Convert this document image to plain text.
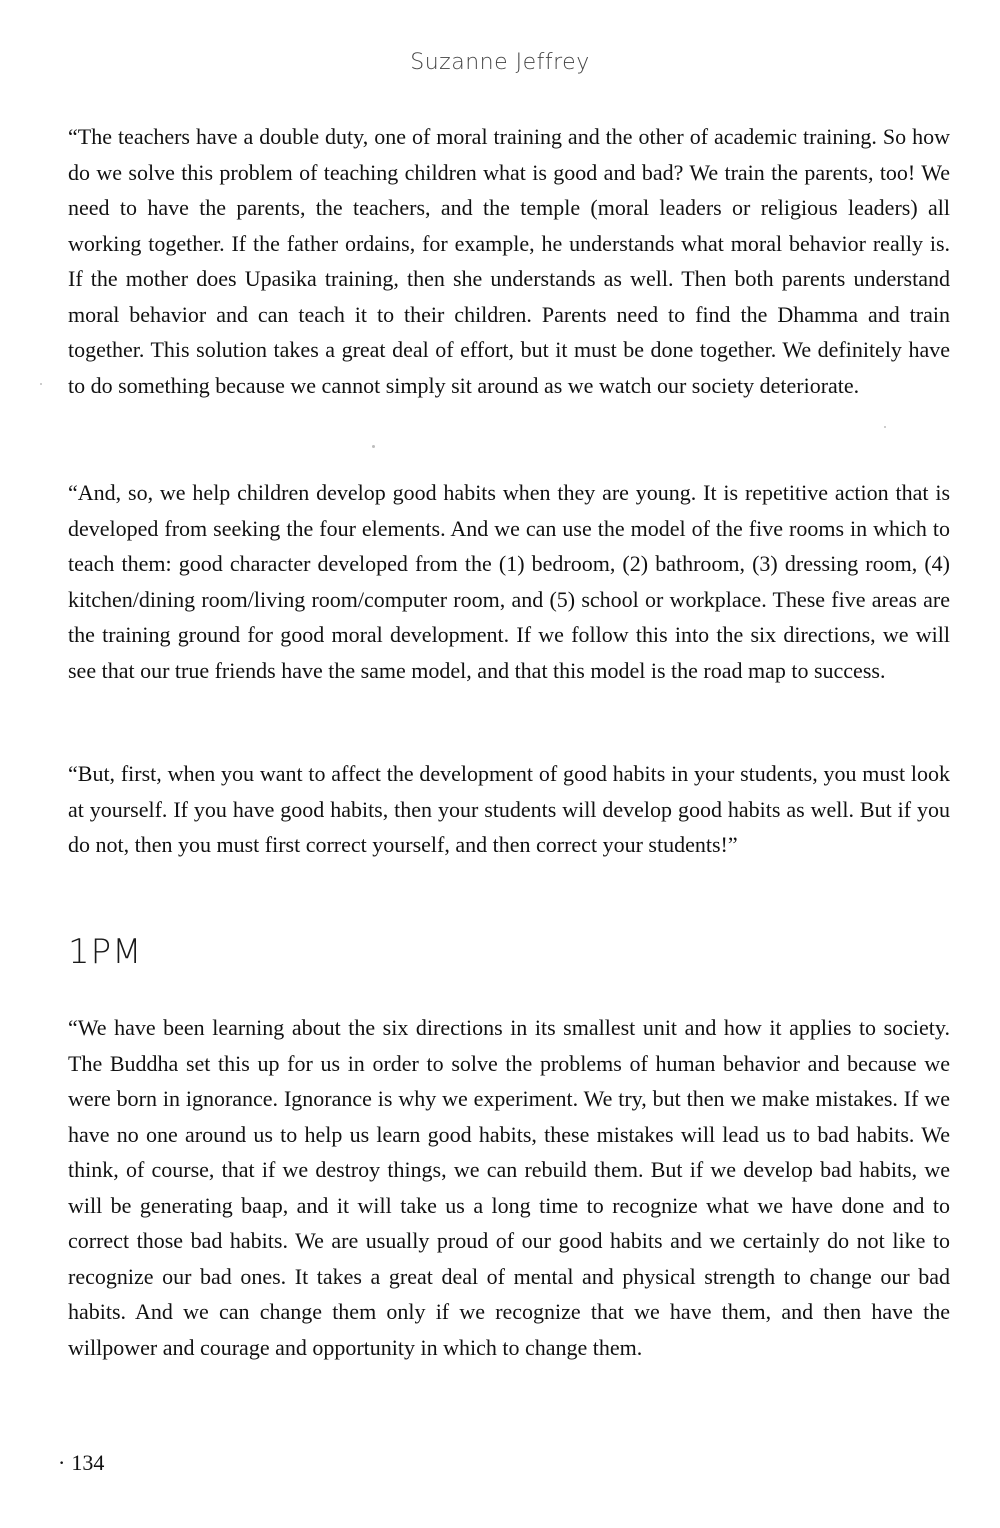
Suzanne Jeffrey

“The teachers have a double duty, one of moral training and the other of academic training. So how do we solve this problem of teaching children what is good and bad? We train the parents, too! We need to have the parents, the teachers, and the temple (moral leaders or religious leaders) all working together. If the father ordains, for example, he understands what moral behavior really is. If the mother does Upasika training, then she understands as well. Then both parents understand moral behavior and can teach it to their children. Parents need to find the Dhamma and train together. This solution takes a great deal of effort, but it must be done together. We definitely have to do something because we cannot simply sit around as we watch our society deteriorate.

“And, so, we help children develop good habits when they are young. It is repetitive action that is developed from seeking the four elements. And we can use the model of the five rooms in which to teach them: good character developed from the (1) bedroom, (2) bathroom, (3) dressing room, (4) kitchen/dining room/living room/computer room, and (5) school or workplace. These five areas are the training ground for good moral development. If we follow this into the six directions, we will see that our true friends have the same model, and that this model is the road map to success.

“But, first, when you want to affect the development of good habits in your students, you must look at yourself. If you have good habits, then your students will develop good habits as well. But if you do not, then you must first correct yourself, and then correct your students!”

1PM

“We have been learning about the six directions in its smallest unit and how it applies to society. The Buddha set this up for us in order to solve the problems of human behavior and because we were born in ignorance. Ignorance is why we experiment. We try, but then we make mistakes. If we have no one around us to help us learn good habits, these mistakes will lead us to bad habits. We think, of course, that if we destroy things, we can rebuild them. But if we develop bad habits, we will be generating baap, and it will take us a long time to recognize what we have done and to correct those bad habits. We are usually proud of our good habits and we certainly do not like to recognize our bad ones. It takes a great deal of mental and physical strength to change our bad habits. And we can change them only if we recognize that we have them, and then have the willpower and courage and opportunity in which to change them.

· 134
